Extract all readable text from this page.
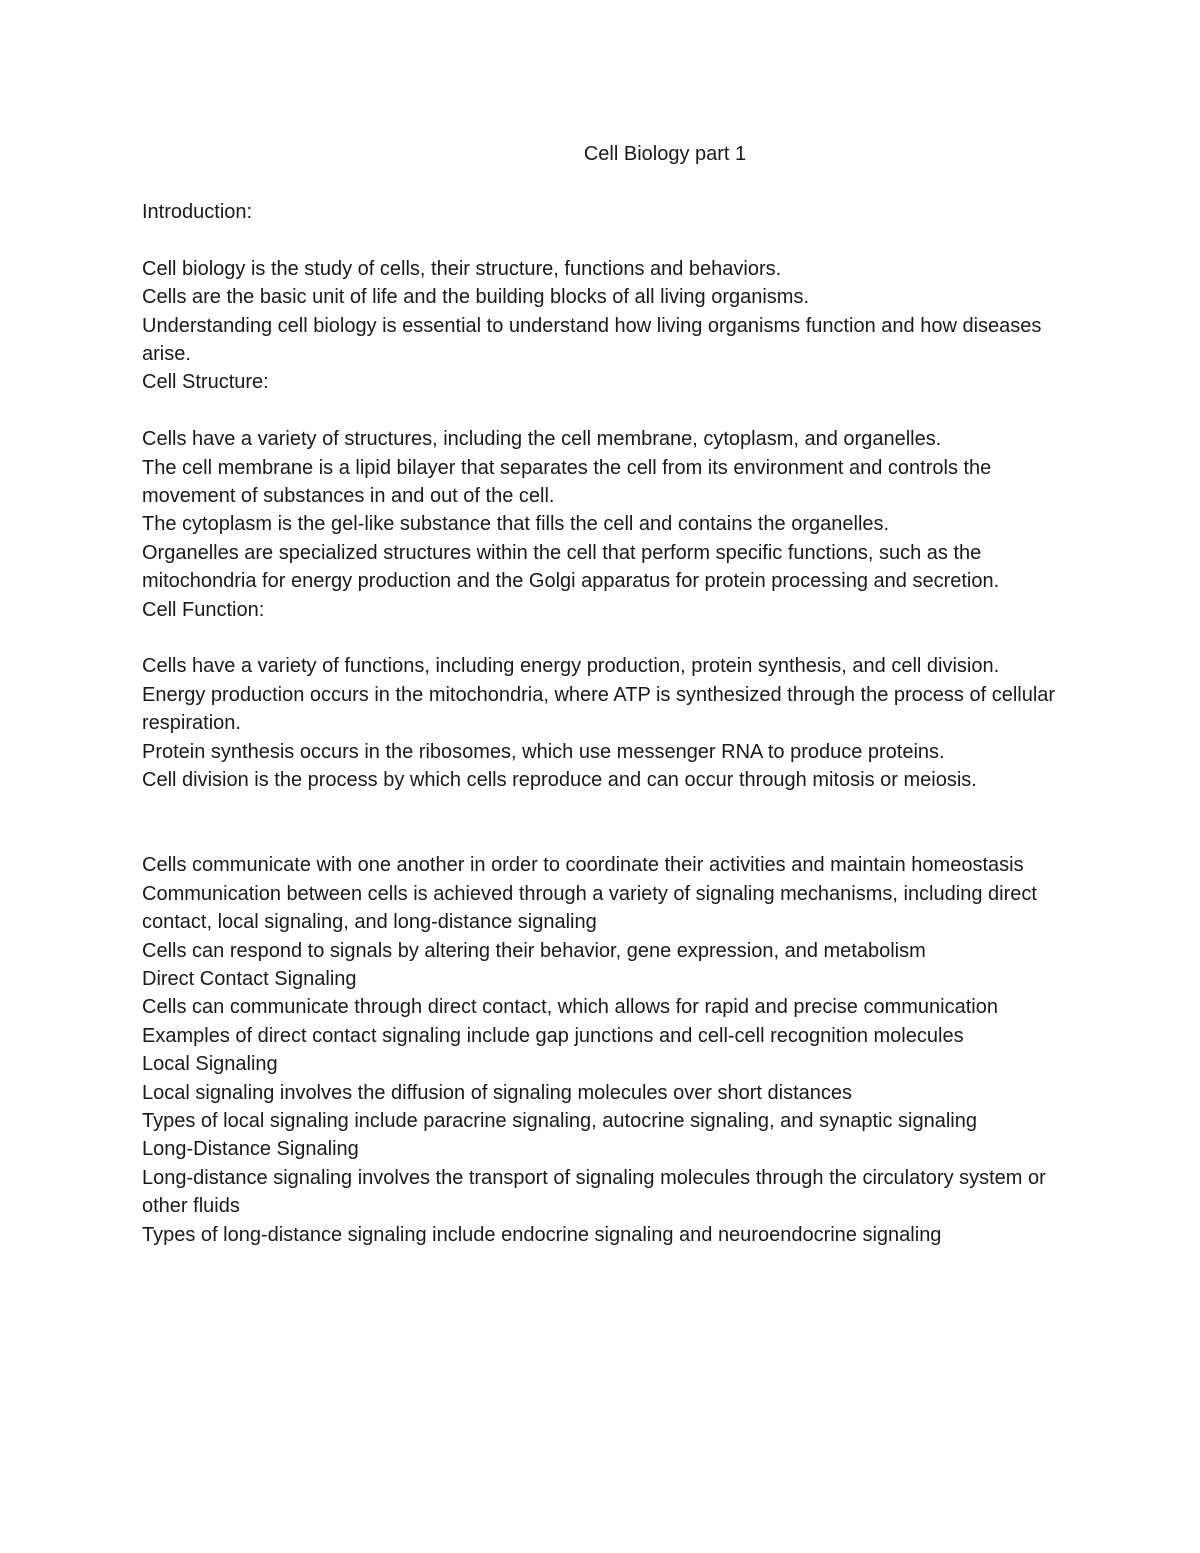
Cell Biology part 1

Introduction:

Cell biology is the study of cells, their structure, functions and behaviors.

Cells are the basic unit of life and the building blocks of all living organisms.

Understanding cell biology is essential to understand how living organisms function and how diseases arise.

Cell Structure:

Cells have a variety of structures, including the cell membrane, cytoplasm, and organelles.

The cell membrane is a lipid bilayer that separates the cell from its environment and controls the movement of substances in and out of the cell.

The cytoplasm is the gel-like substance that fills the cell and contains the organelles.

Organelles are specialized structures within the cell that perform specific functions, such as the mitochondria for energy production and the Golgi apparatus for protein processing and secretion.

Cell Function:

Cells have a variety of functions, including energy production, protein synthesis, and cell division.

Energy production occurs in the mitochondria, where ATP is synthesized through the process of cellular respiration.

Protein synthesis occurs in the ribosomes, which use messenger RNA to produce proteins.

Cell division is the process by which cells reproduce and can occur through mitosis or meiosis.

Cells communicate with one another in order to coordinate their activities and maintain homeostasis

Communication between cells is achieved through a variety of signaling mechanisms, including direct contact, local signaling, and long-distance signaling

Cells can respond to signals by altering their behavior, gene expression, and metabolism

Direct Contact Signaling

Cells can communicate through direct contact, which allows for rapid and precise communication

Examples of direct contact signaling include gap junctions and cell-cell recognition molecules

Local Signaling

Local signaling involves the diffusion of signaling molecules over short distances

Types of local signaling include paracrine signaling, autocrine signaling, and synaptic signaling

Long-Distance Signaling

Long-distance signaling involves the transport of signaling molecules through the circulatory system or other fluids

Types of long-distance signaling include endocrine signaling and neuroendocrine signaling
